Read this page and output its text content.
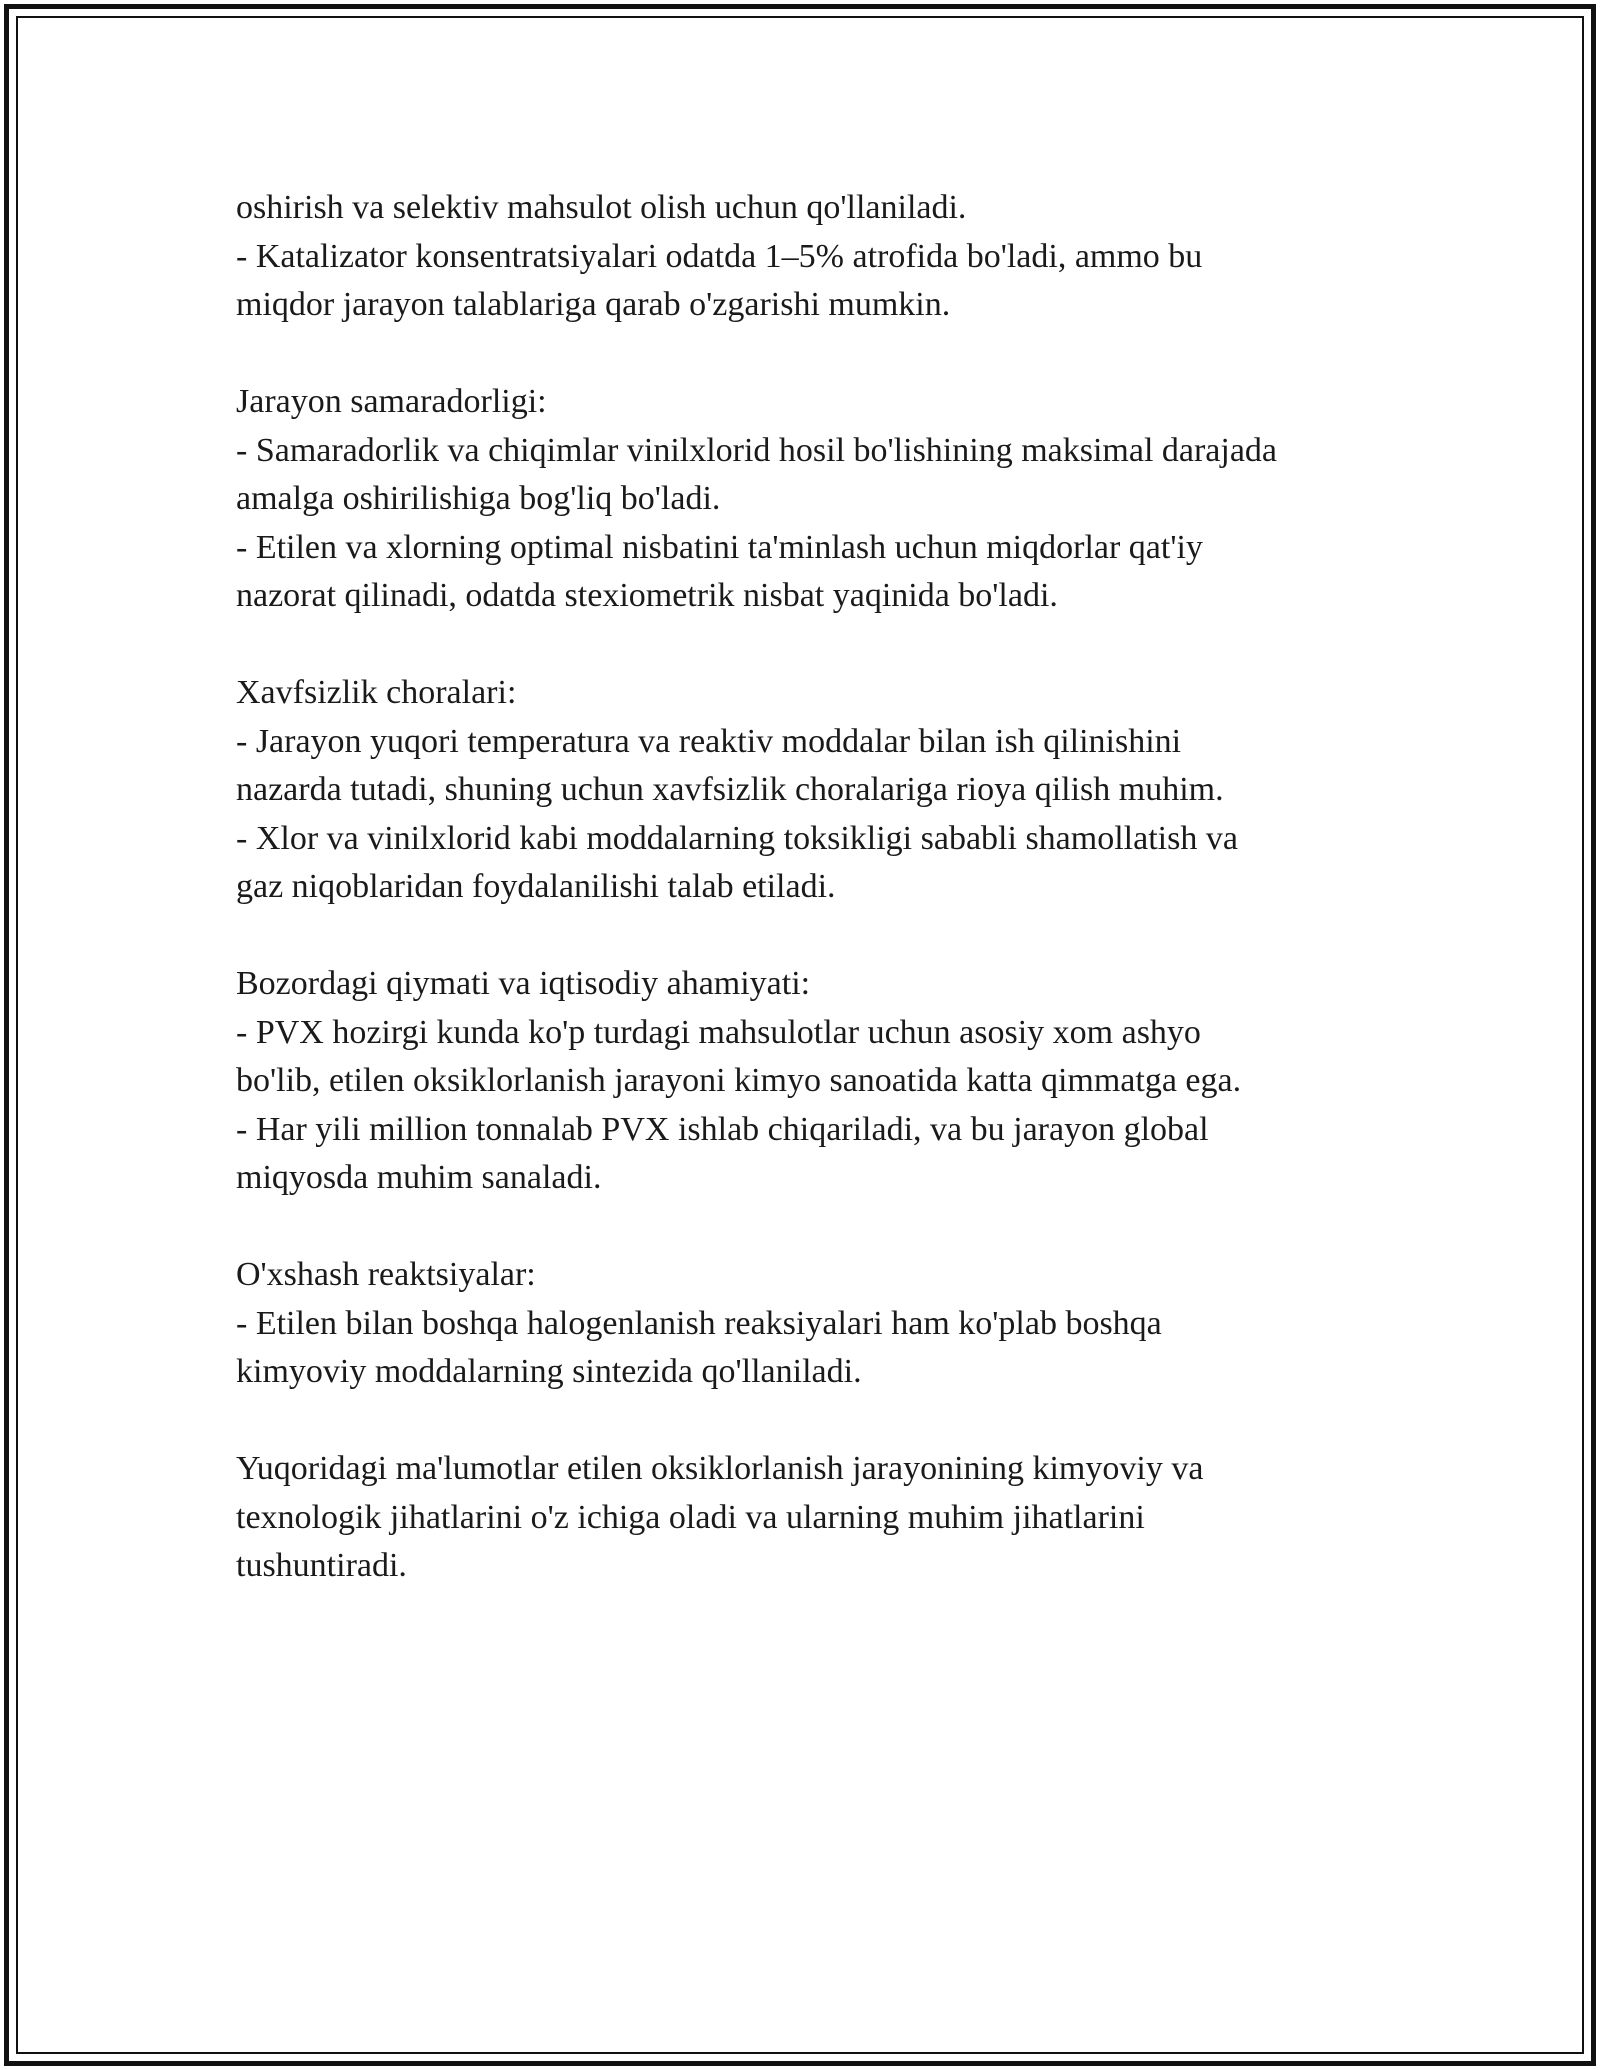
oshirish va selektiv mahsulot olish uchun qo'llaniladi.
- Katalizator konsentratsiyalari odatda 1–5% atrofida bo'ladi, ammo bu
miqdor jarayon talablariga qarab o'zgarishi mumkin.
Jarayon samaradorligi:
- Samaradorlik va chiqimlar vinilxlorid hosil bo'lishining maksimal darajada
amalga oshirilishiga bog'liq bo'ladi.
- Etilen va xlorning optimal nisbatini ta'minlash uchun miqdorlar qat'iy
nazorat qilinadi, odatda stexiometrik nisbat yaqinida bo'ladi.
Xavfsizlik choralari:
- Jarayon yuqori temperatura va reaktiv moddalar bilan ish qilinishini
nazarda tutadi, shuning uchun xavfsizlik choralariga rioya qilish muhim.
- Xlor va vinilxlorid kabi moddalarning toksikligi sababli shamollatish va
gaz niqoblaridan foydalanilishi talab etiladi.
Bozordagi qiymati va iqtisodiy ahamiyati:
- PVX hozirgi kunda ko'p turdagi mahsulotlar uchun asosiy xom ashyo
bo'lib, etilen oksiklorlanish jarayoni kimyo sanoatida katta qimmatga ega.
- Har yili million tonnalab PVX ishlab chiqariladi, va bu jarayon global
miqyosda muhim sanaladi.
O'xshash reaktsiyalar:
- Etilen bilan boshqa halogenlanish reaksiyalari ham ko'plab boshqa
kimyoviy moddalarning sintezida qo'llaniladi.
Yuqoridagi ma'lumotlar etilen oksiklorlanish jarayonining kimyoviy va
texnologik jihatlarini o'z ichiga oladi va ularning muhim jihatlarini
tushuntiradi.
